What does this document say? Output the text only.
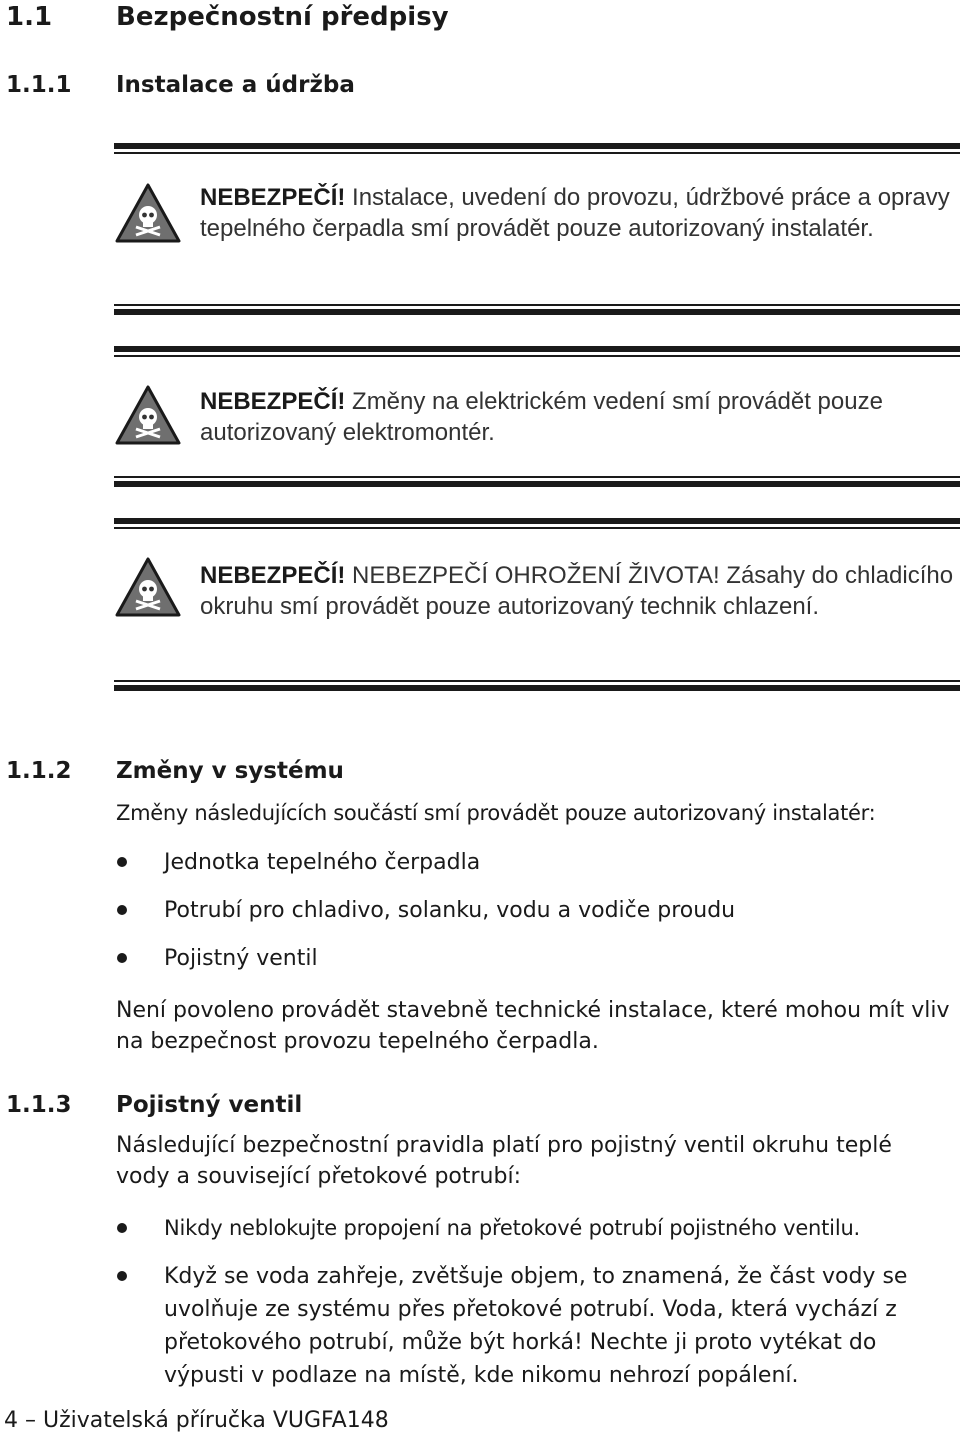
1.1 Bezpečnostní předpisy
1.1.1 Instalace a údržba
NEBEZPEČÍ! Instalace, uvedení do provozu, údržbové práce a opravy tepelného čerpadla smí provádět pouze autorizovaný instalatér.
NEBEZPEČÍ! Změny na elektrickém vedení smí provádět pouze autorizovaný elektromontér.
NEBEZPEČÍ! NEBEZPEČÍ OHROŽENÍ ŽIVOTA! Zásahy do chladicího okruhu smí provádět pouze autorizovaný technik chlazení.
1.1.2 Změny v systému
Změny následujících součástí smí provádět pouze autorizovaný instalatér:
Jednotka tepelného čerpadla
Potrubí pro chladivo, solanku, vodu a vodiče proudu
Pojistný ventil
Není povoleno provádět stavebně technické instalace, které mohou mít vliv na bezpečnost provozu tepelného čerpadla.
1.1.3 Pojistný ventil
Následující bezpečnostní pravidla platí pro pojistný ventil okruhu teplé vody a související přetokové potrubí:
Nikdy neblokujte propojení na přetokové potrubí pojistného ventilu.
Když se voda zahřeje, zvětšuje objem, to znamená, že část vody se uvolňuje ze systému přes přetokové potrubí. Voda, která vychází z přetokového potrubí, může být horká! Nechte ji proto vytékat do výpusti v podlaze na místě, kde nikomu nehrozí popálení.
4 – Uživatelská příručka VUGFA148
